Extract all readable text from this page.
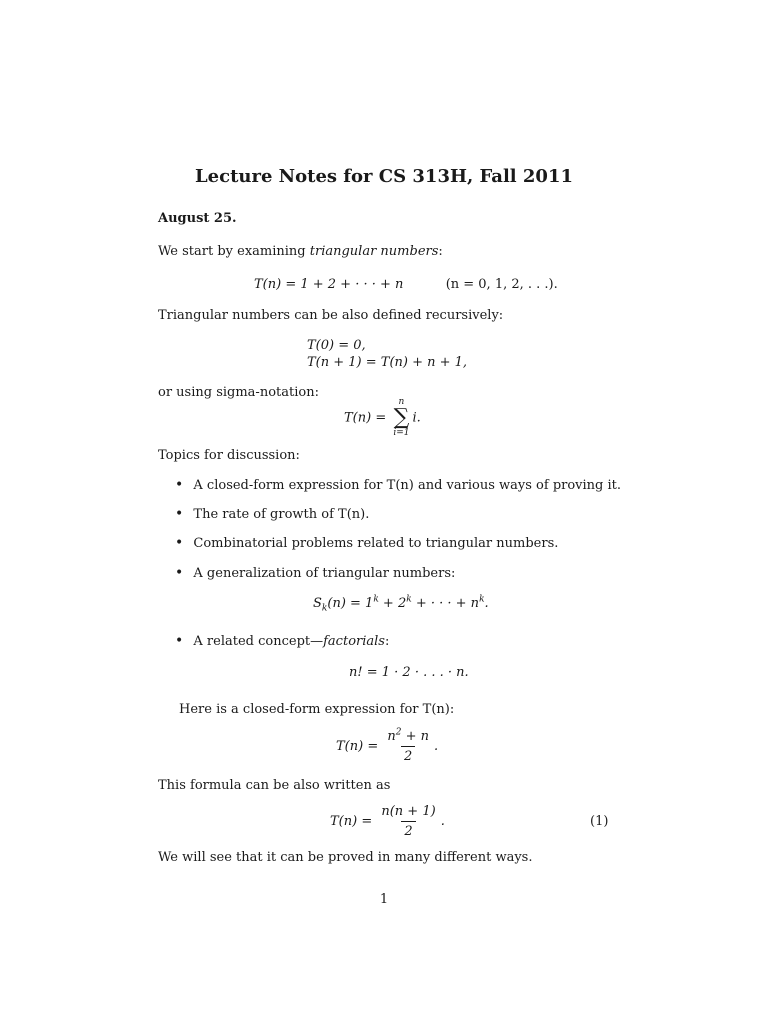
Lecture Notes for CS 313H, Fall 2011
August 25.
We start by examining triangular numbers:
T(n) = 1 + 2 + · · · + n	(n = 0, 1, 2, . . .).
Triangular numbers can be also defined recursively:
T(0) = 0,
T(n + 1) = T(n) + n + 1,
or using sigma-notation:
T(n) =
n
∑
i=1
i.
Topics for discussion:
• A closed-form expression for T(n) and various ways of proving it.
• The rate of growth of T(n).
• Combinatorial problems related to triangular numbers.
• A generalization of triangular numbers:
$S_k(n) = 1^k + 2^k$ + · · · + $n^k$.
• A related concept—factorials:
n! = 1 · 2 · . . . · n.
Here is a closed-form expression for T(n):
$T(n) = \frac{n^2 + n}{2}$ .
This formula can be also written as
$T(n) = \frac{n(n + 1)}{2}$ .	(1)
We will see that it can be proved in many different ways.
1
